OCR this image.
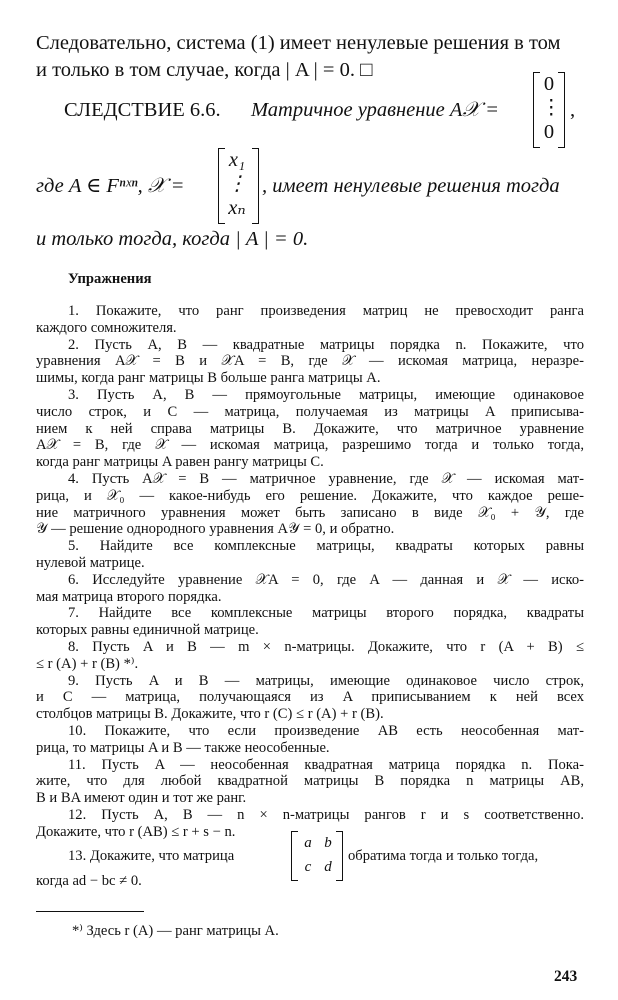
Следовательно, система (1) имеет ненулевые решения в том
и только в том случае, когда | A | = 0. □
СЛЕДСТВИЕ 6.6. Матричное уравнение A𝒳 =
0
⋮
0
,
где A ∈ Fⁿˣⁿ, 𝒳 =
x₁
⋮
xₙ
, имеет ненулевые решения тогда
и только тогда, когда | A | = 0.
Упражнения
1. Покажите, что ранг произведения матриц не превосходит ранга
каждого сомножителя.
2. Пусть A, B — квадратные матрицы порядка n. Покажите, что
уравнения A𝒳 = B и 𝒳A = B, где 𝒳 — искомая матрица, неразре-
шимы, когда ранг матрицы B больше ранга матрицы A.
3. Пусть A, B — прямоугольные матрицы, имеющие одинаковое
число строк, и C — матрица, получаемая из матрицы A приписыва-
нием к ней справа матрицы B. Докажите, что матричное уравнение
A𝒳 = B, где 𝒳 — искомая матрица, разрешимо тогда и только тогда,
когда ранг матрицы A равен рангу матрицы C.
4. Пусть A𝒳 = B — матричное уравнение, где 𝒳 — искомая мат-
рица, и 𝒳₀ — какое-нибудь его решение. Докажите, что каждое реше-
ние матричного уравнения может быть записано в виде 𝒳₀ + 𝒴, где
𝒴 — решение однородного уравнения A𝒴 = 0, и обратно.
5. Найдите все комплексные матрицы, квадраты которых равны
нулевой матрице.
6. Исследуйте уравнение 𝒳A = 0, где A — данная и 𝒳 — иско-
мая матрица второго порядка.
7. Найдите все комплексные матрицы второго порядка, квадраты
которых равны единичной матрице.
8. Пусть A и B — m × n-матрицы. Докажите, что r (A + B) ≤
≤ r (A) + r (B) *⁾.
9. Пусть A и B — матрицы, имеющие одинаковое число строк,
и C — матрица, получающаяся из A приписыванием к ней всех
столбцов матрицы B. Докажите, что r (C) ≤ r (A) + r (B).
10. Покажите, что если произведение AB есть неособенная мат-
рица, то матрицы A и B — также неособенные.
11. Пусть A — неособенная квадратная матрица порядка n. Пока-
жите, что для любой квадратной матрицы B порядка n матрицы AB,
B и BA имеют один и тот же ранг.
12. Пусть A, B — n × n-матрицы рангов r и s соответственно.
Докажите, что r (AB) ≤ r + s − n.
13. Докажите, что матрица
a b
c d
обратима тогда и только тогда,
когда ad − bc ≠ 0.
*⁾ Здесь r (A) — ранг матрицы A.
243
